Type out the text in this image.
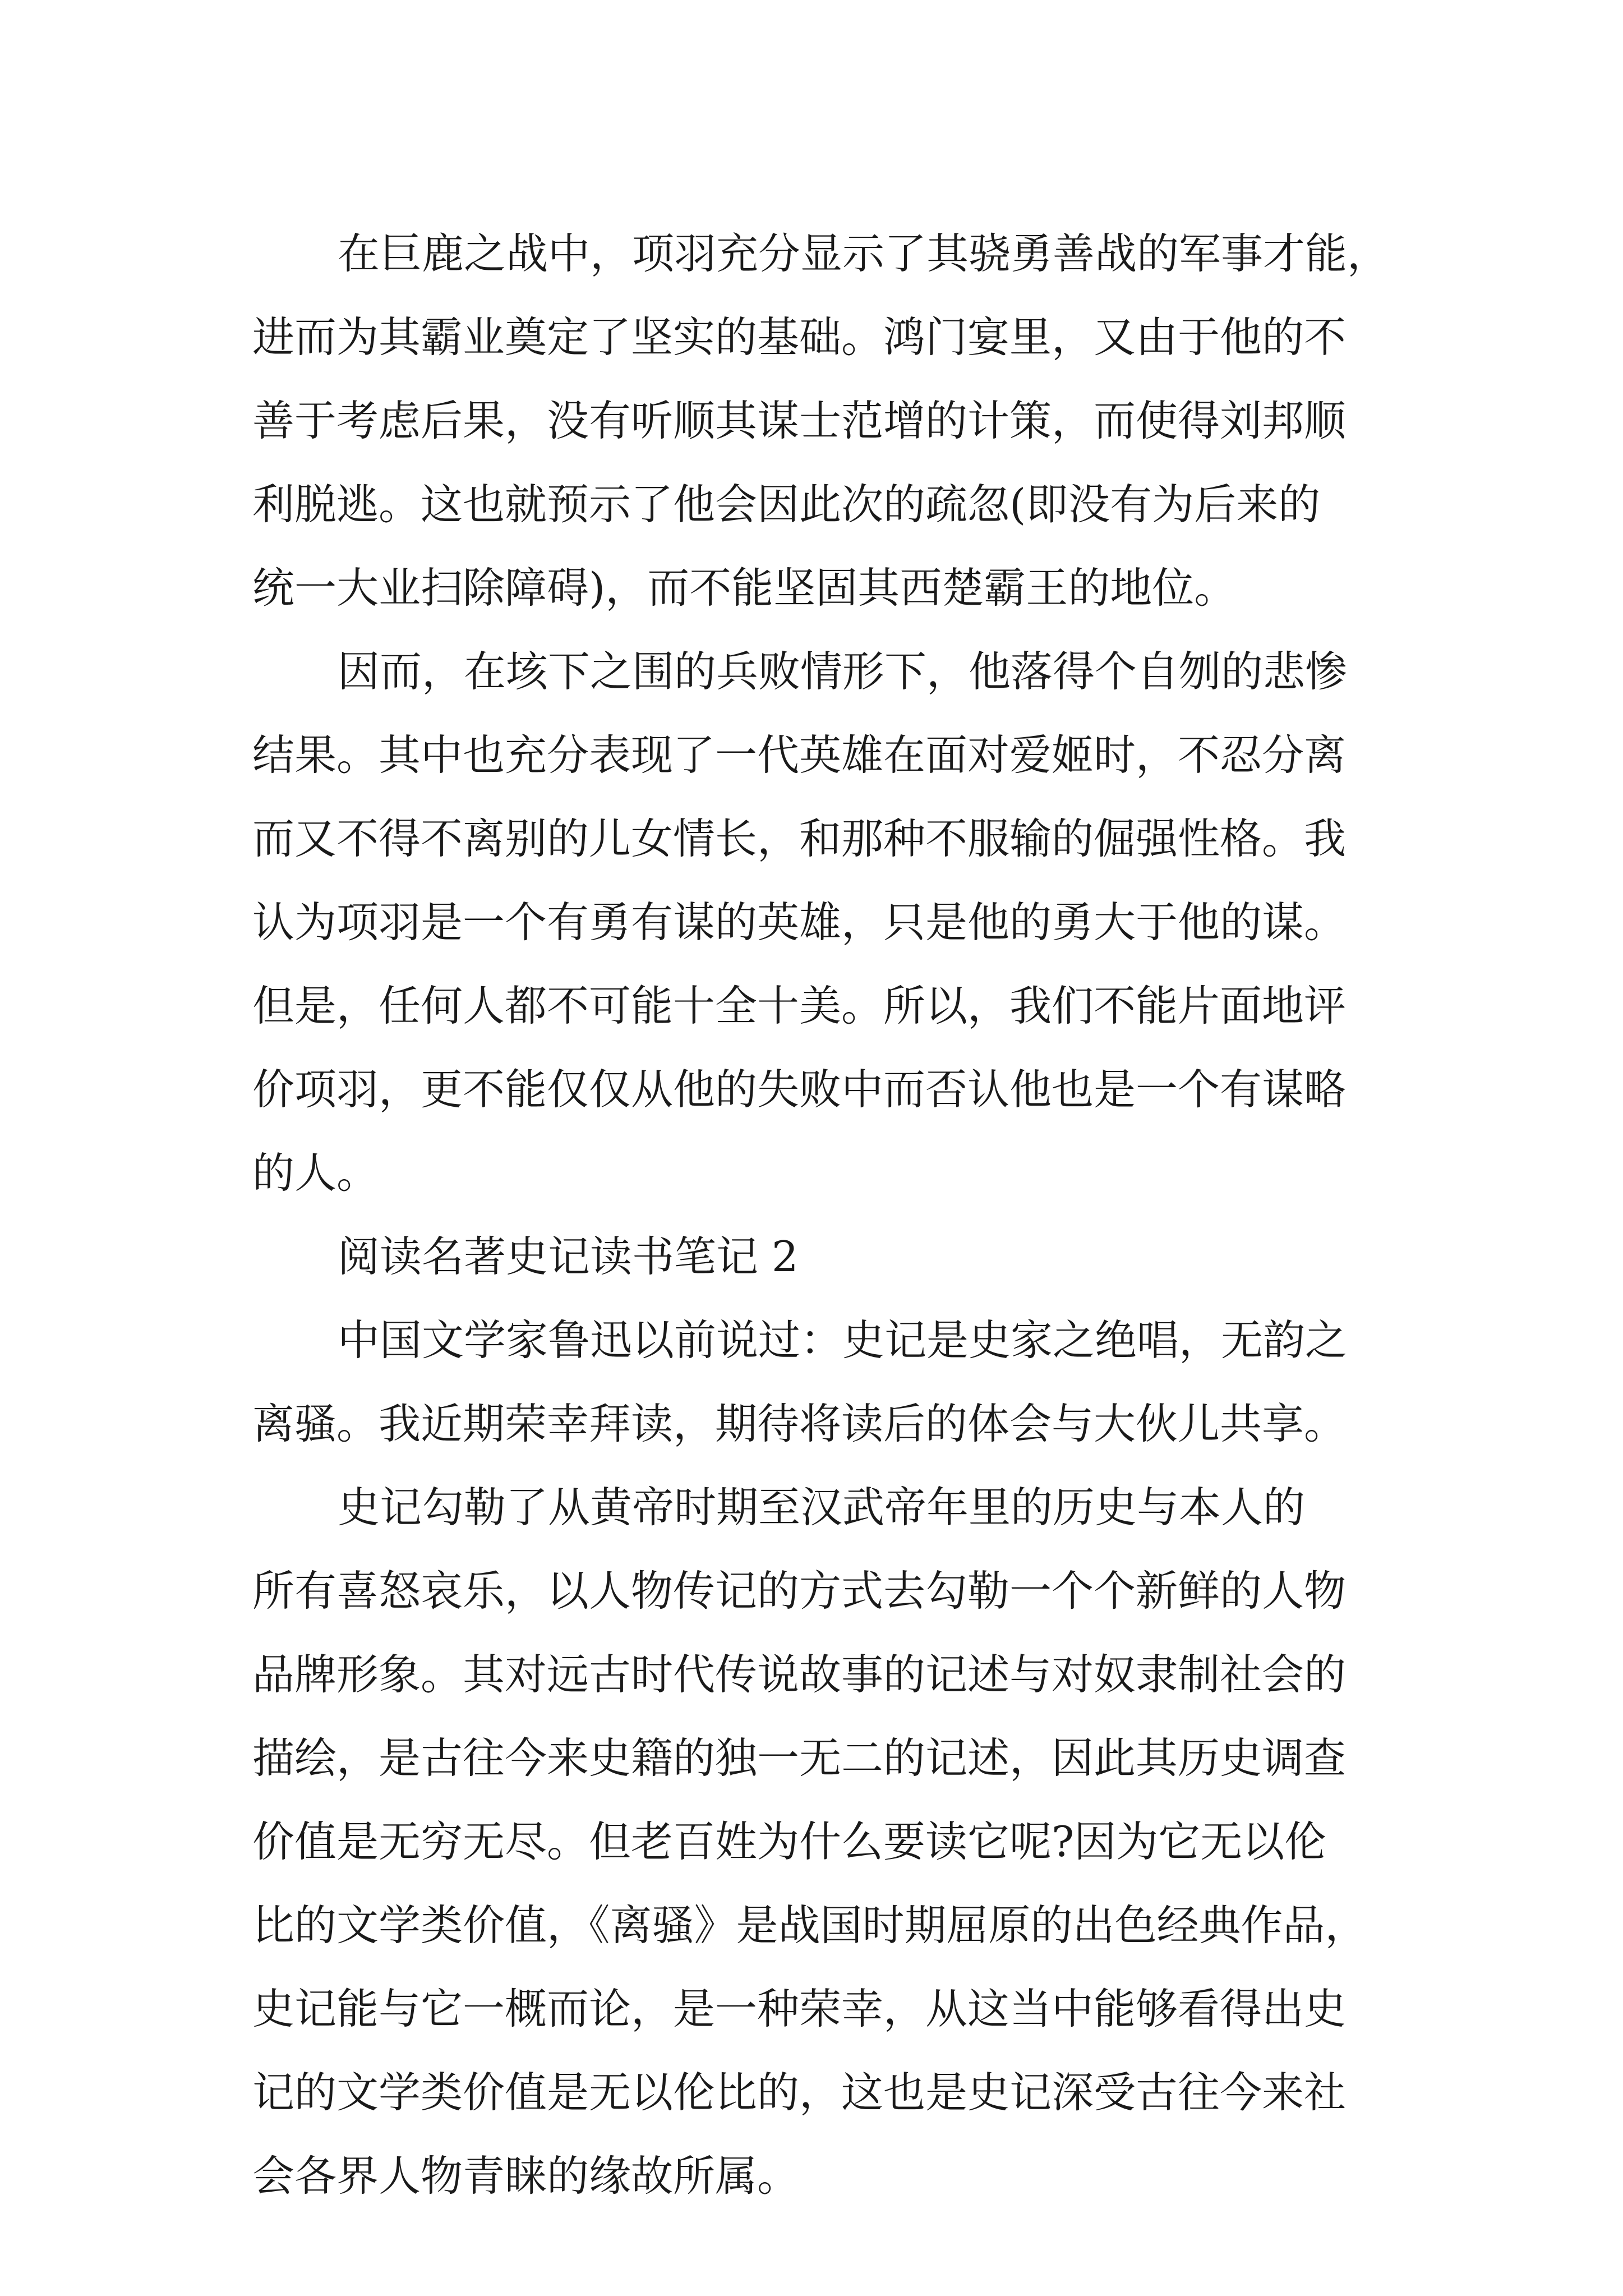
在巨鹿之战中，项羽充分显示了其骁勇善战的军事才能，
进而为其霸业奠定了坚实的基础。鸿门宴里，又由于他的不
善于考虑后果，没有听顺其谋士范增的计策，而使得刘邦顺
利脱逃。这也就预示了他会因此次的疏忽(即没有为后来的
统一大业扫除障碍)，而不能坚固其西楚霸王的地位。
因而，在垓下之围的兵败情形下，他落得个自刎的悲惨
结果。其中也充分表现了一代英雄在面对爱姬时，不忍分离
而又不得不离别的儿女情长，和那种不服输的倔强性格。我
认为项羽是一个有勇有谋的英雄，只是他的勇大于他的谋。
但是，任何人都不可能十全十美。所以，我们不能片面地评
价项羽，更不能仅仅从他的失败中而否认他也是一个有谋略
的人。
阅读名著史记读书笔记 2
中国文学家鲁迅以前说过：史记是史家之绝唱，无韵之
离骚。我近期荣幸拜读，期待将读后的体会与大伙儿共享。
史记勾勒了从黄帝时期至汉武帝年里的历史与本人的
所有喜怒哀乐，以人物传记的方式去勾勒一个个新鲜的人物
品牌形象。其对远古时代传说故事的记述与对奴隶制社会的
描绘，是古往今来史籍的独一无二的记述，因此其历史调查
价值是无穷无尽。但老百姓为什么要读它呢?因为它无以伦
比的文学类价值，《离骚》是战国时期屈原的出色经典作品，
史记能与它一概而论，是一种荣幸，从这当中能够看得出史
记的文学类价值是无以伦比的，这也是史记深受古往今来社
会各界人物青睐的缘故所属。
